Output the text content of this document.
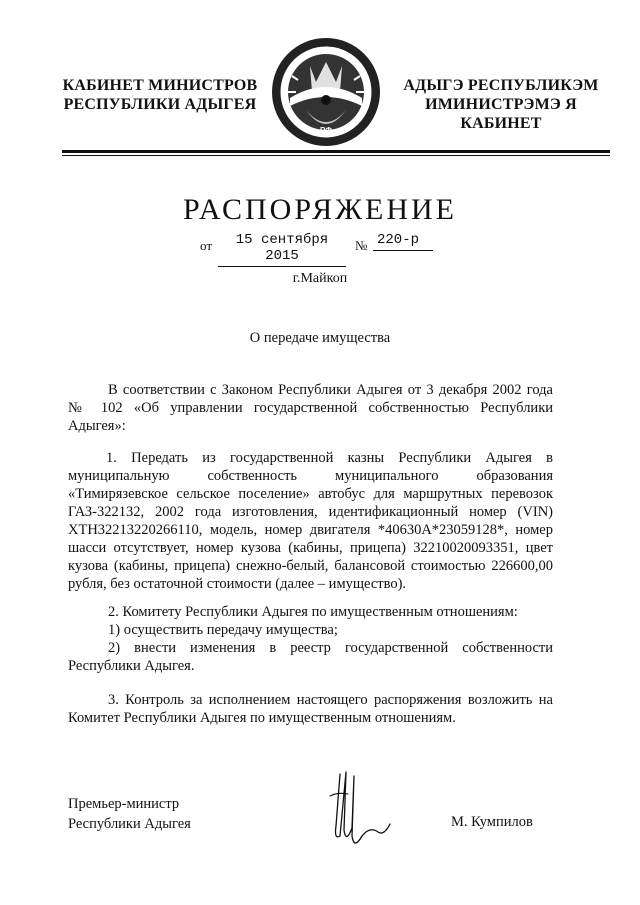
КАБИНЕТ МИНИСТРОВ
РЕСПУБЛИКИ АДЫГЕЯ
РФ
АДЫГЭ РЕСПУБЛИКЭМ
ИМИНИСТРЭМЭ Я КАБИНЕТ
РАСПОРЯЖЕНИЕ
от	15 сентября 2015
№ 220-р
г.Майкоп
О передаче имущества

В соответствии с Законом Республики Адыгея от 3 декабря 2002 года № 102 «Об управлении государственной собственностью Республики Адыгея»:

1. Передать из государственной казны Республики Адыгея в муниципальную собственность муниципального образования «Тимирязевское сельское поселение» автобус для маршрутных перевозок ГАЗ-322132, 2002 года изготовления, идентификационный номер (VIN) ХТН32213220266110, модель, номер двигателя *40630А*23059128*, номер шасси отсутствует, номер кузова (кабины, прицепа) 32210020093351, цвет кузова (кабины, прицепа) снежно-белый, балансовой стоимостью 226600,00 рубля, без остаточной стоимости (далее – имущество).

2. Комитету Республики Адыгея по имущественным отношениям:

1) осуществить передачу имущества;

2) внести изменения в реестр государственной собственности Республики Адыгея.

3. Контроль за исполнением настоящего распоряжения возложить на Комитет Республики Адыгея по имущественным отношениям.

Премьер-министр
Республики Адыгея	М. Кумпилов
